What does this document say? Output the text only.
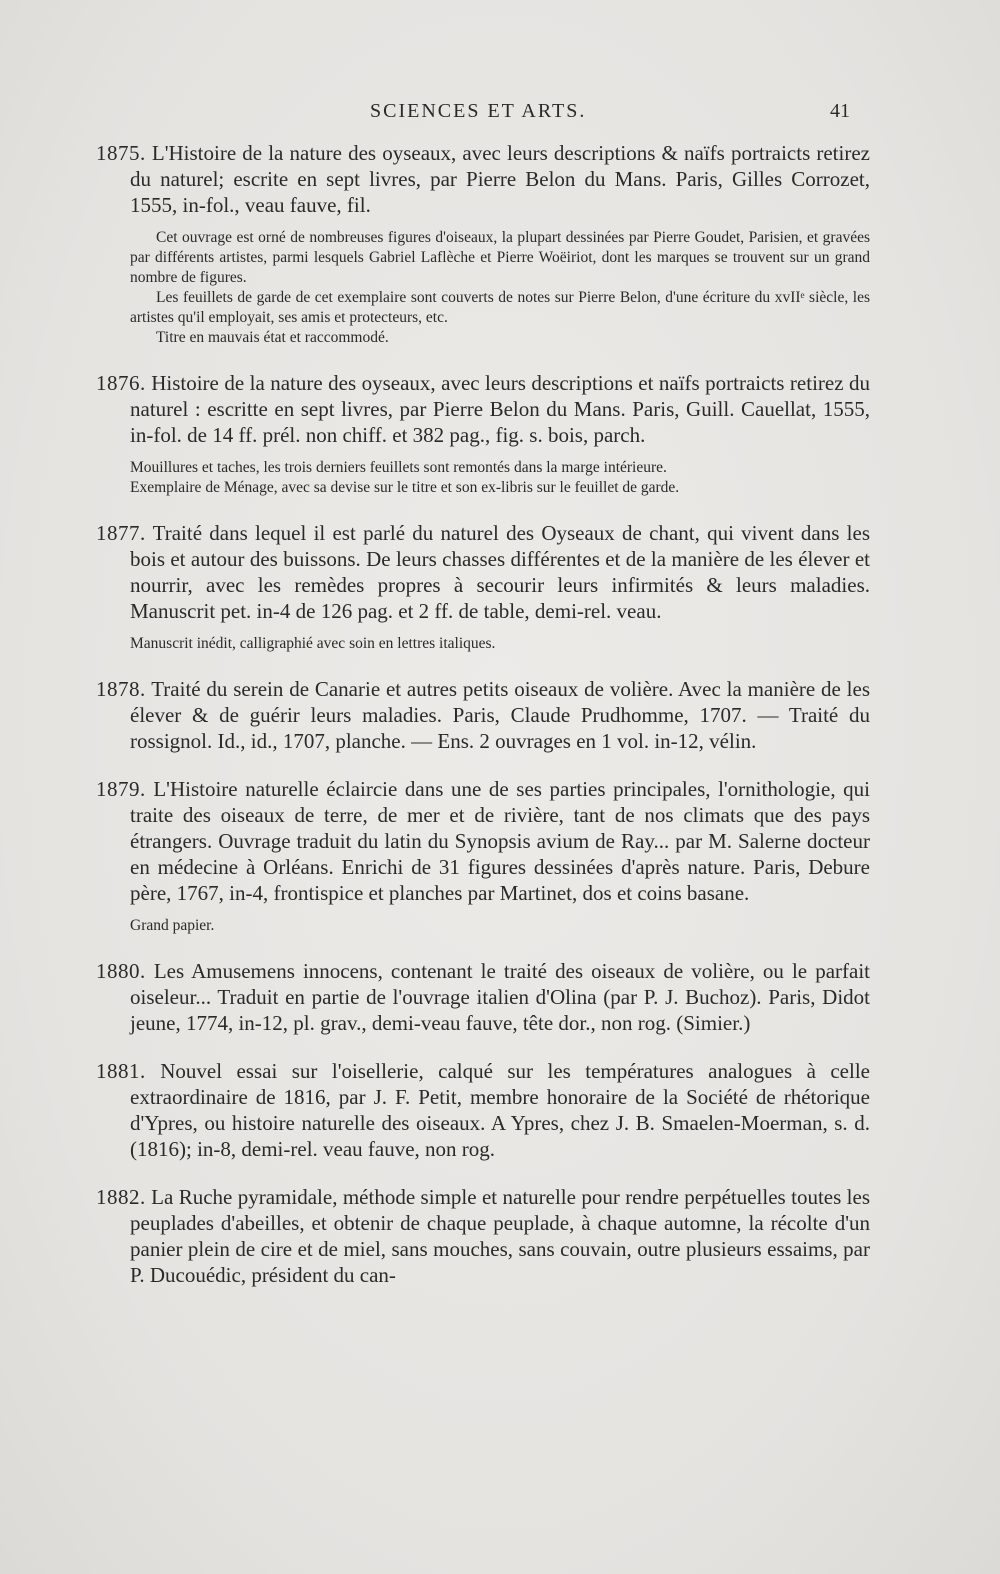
SCIENCES ET ARTS.	41
1875. L'Histoire de la nature des oyseaux, avec leurs descriptions & naïfs portraicts retirez du naturel; escrite en sept livres, par Pierre Belon du Mans. Paris, Gilles Corrozet, 1555, in-fol., veau fauve, fil.
Cet ouvrage est orné de nombreuses figures d'oiseaux, la plupart dessinées par Pierre Goudet, Parisien, et gravées par différents artistes, parmi lesquels Gabriel Laflèche et Pierre Woëiriot, dont les marques se trouvent sur un grand nombre de figures.
Les feuillets de garde de cet exemplaire sont couverts de notes sur Pierre Belon, d'une écriture du xvIIᵉ siècle, les artistes qu'il employait, ses amis et protecteurs, etc.
Titre en mauvais état et raccommodé.
1876. Histoire de la nature des oyseaux, avec leurs descriptions et naïfs portraicts retirez du naturel : escritte en sept livres, par Pierre Belon du Mans. Paris, Guill. Cauellat, 1555, in-fol. de 14 ff. prél. non chiff. et 382 pag., fig. s. bois, parch.
Mouillures et taches, les trois derniers feuillets sont remontés dans la marge intérieure.
Exemplaire de Ménage, avec sa devise sur le titre et son ex-libris sur le feuillet de garde.
1877. Traité dans lequel il est parlé du naturel des Oyseaux de chant, qui vivent dans les bois et autour des buissons. De leurs chasses différentes et de la manière de les élever et nourrir, avec les remèdes propres à secourir leurs infirmités & leurs maladies. Manuscrit pet. in-4 de 126 pag. et 2 ff. de table, demi-rel. veau.
Manuscrit inédit, calligraphié avec soin en lettres italiques.
1878. Traité du serein de Canarie et autres petits oiseaux de volière. Avec la manière de les élever & de guérir leurs maladies. Paris, Claude Prudhomme, 1707. — Traité du rossignol. Id., id., 1707, planche. — Ens. 2 ouvrages en 1 vol. in-12, vélin.
1879. L'Histoire naturelle éclaircie dans une de ses parties principales, l'ornithologie, qui traite des oiseaux de terre, de mer et de rivière, tant de nos climats que des pays étrangers. Ouvrage traduit du latin du Synopsis avium de Ray... par M. Salerne docteur en médecine à Orléans. Enrichi de 31 figures dessinées d'après nature. Paris, Debure père, 1767, in-4, frontispice et planches par Martinet, dos et coins basane.
Grand papier.
1880. Les Amusemens innocens, contenant le traité des oiseaux de volière, ou le parfait oiseleur... Traduit en partie de l'ouvrage italien d'Olina (par P. J. Buchoz). Paris, Didot jeune, 1774, in-12, pl. grav., demi-veau fauve, tête dor., non rog. (Simier.)
1881. Nouvel essai sur l'oisellerie, calqué sur les températures analogues à celle extraordinaire de 1816, par J. F. Petit, membre honoraire de la Société de rhétorique d'Ypres, ou histoire naturelle des oiseaux. A Ypres, chez J. B. Smaelen-Moerman, s. d. (1816); in-8, demi-rel. veau fauve, non rog.
1882. La Ruche pyramidale, méthode simple et naturelle pour rendre perpétuelles toutes les peuplades d'abeilles, et obtenir de chaque peuplade, à chaque automne, la récolte d'un panier plein de cire et de miel, sans mouches, sans couvain, outre plusieurs essaims, par P. Ducouédic, président du can-
